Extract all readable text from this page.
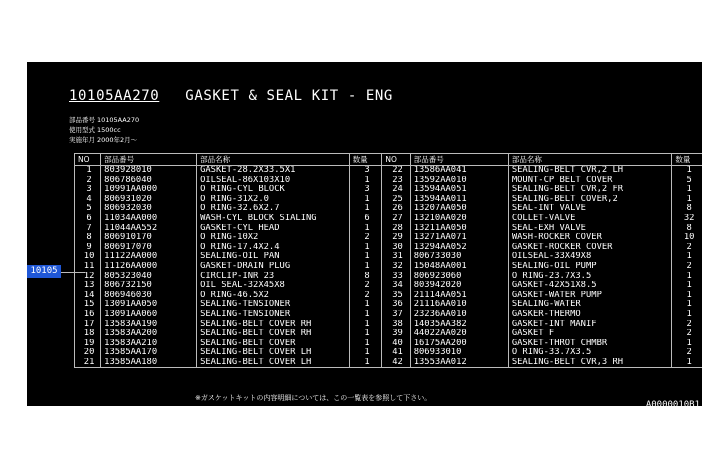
10105AA270 GASKET & SEAL KIT - ENG
部品番号 10105AA270
使用型式 1500cc
実施年月 2000年2月〜
10105
NO	部品番号	部品名称	数量	NO	部品番号	部品名称	数量
1	803928010	GASKET-28.2X33.5X1	3	22	13586AA041	SEALING-BELT CVR,2 LH	1
2	806786040	OILSEAL-86X103X10	1	23	13592AA010	MOUNT-CP BELT COVER	5
3	10991AA000	O RING-CYL BLOCK	3	24	13594AA051	SEALING-BELT CVR,2 FR	1
4	806931020	O RING-31X2.0	1	25	13594AA011	SEALING-BELT COVER,2	1
5	806932030	O RING-32.6X2.7	1	26	13207AA050	SEAL-INT VALVE	8
6	11034AA000	WASH-CYL BLOCK SIALING	6	27	13210AA020	COLLET-VALVE	32
7	11044AA552	GASKET-CYL HEAD	1	28	13211AA050	SEAL-EXH VALVE	8
8	806910170	O RING-10X2	2	29	13271AA071	WASH-ROCKER COVER	10
9	806917070	O RING-17.4X2.4	1	30	13294AA052	GASKET-ROCKER COVER	2
10	11122AA000	SEALING-OIL PAN	1	31	806733030	OILSEAL-33X49X8	1
11	11126AA000	GASKET-DRAIN PLUG	1	32	15048AA001	SEALING-OIL PUMP	2
12	805323040	CIRCLIP-INR 23	8	33	806923060	O RING-23.7X3.5	1
13	806732150	OIL SEAL-32X45X8	2	34	803942020	GASKET-42X51X8.5	1
14	806946030	O RING-46.5X2	2	35	21114AA051	GASKET-WATER PUMP	1
15	13091AA050	SEALING-TENSIONER	1	36	21116AA010	SEALING-WATER	1
16	13091AA060	SEALING-TENSIONER	1	37	23236AA010	GASKER-THERMO	1
17	13583AA190	SEALING-BELT COVER RH	1	38	14035AA382	GASKET-INT MANIF	2
18	13583AA200	SEALING-BELT COVER RH	1	39	44022AA020	GASKET F	2
19	13583AA210	SEALING-BELT COVER	1	40	16175AA200	GASKET-THROT CHMBR	1
20	13585AA170	SEALING-BELT COVER LH	1	41	806933010	O RING-33.7X3.5	2
21	13585AA180	SEALING-BELT COVER LH	1	42	13553AA012	SEALING-BELT CVR,3 RH	1
※ガスケットキットの内容明細については、この一覧表を参照して下さい。
A0000010B1
